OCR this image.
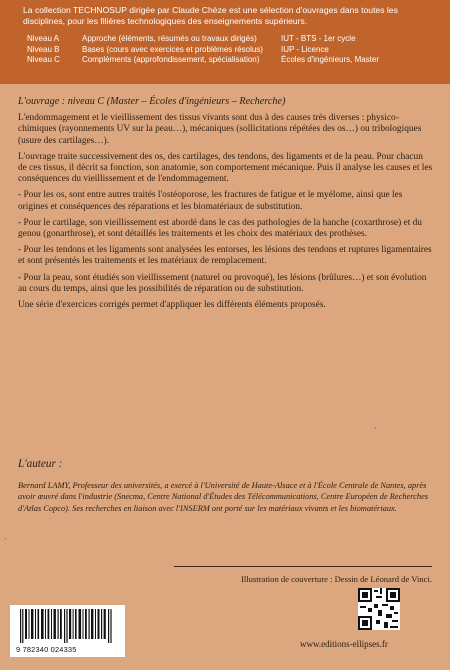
La collection TECHNOSUP dirigée par Claude Chèze est une sélection d'ouvrages dans toutes les disciplines, pour les filières technologiques des enseignements supérieurs.
Niveau A	Approche (éléments, résumés ou travaux dirigés)	IUT - BTS - 1er cycle
Niveau B	Bases (cours avec exercices et problèmes résolus)	IUP - Licence
Niveau C	Compléments (approfondissement, spécialisation)	Écoles d'ingénieurs, Master

L'ouvrage : niveau C (Master – Écoles d'ingénieurs – Recherche)

L'endommagement et le vieillissement des tissus vivants sont dus à des causes très diverses : physico-chimiques (rayonnements UV sur la peau…), mécaniques (sollicitations répétées des os…) ou tribologiques (usure des cartilages…).

L'ouvrage traite successivement des os, des cartilages, des tendons, des ligaments et de la peau. Pour chacun de ces tissus, il décrit sa fonction, son anatomie, son comportement mécanique. Puis il analyse les causes et les conséquences du vieillissement et de l'endommagement.

- Pour les os, sont entre autres traités l'ostéoporose, les fractures de fatigue et le myélome, ainsi que les origines et conséquences des réparations et les biomatériaux de substitution.

- Pour le cartilage, son vieillissement est abordé dans le cas des pathologies de la hanche (coxarthrose) et du genou (gonarthrose), et sont détaillés les traitements et les choix des matériaux des prothèses.

- Pour les tendons et les ligaments sont analysées les entorses, les lésions des tendons et ruptures ligamentaires et sont présentés les traitements et les matériaux de remplacement.

- Pour la peau, sont étudiés son vieillissement (naturel ou provoqué), les lésions (brûlures…) et son évolution au cours du temps, ainsi que les possibilités de réparation ou de substitution.

Une série d'exercices corrigés permet d'appliquer les différents éléments proposés.

ˋ
L'auteur :
Bernard LAMY, Professeur des universités, a exercé à l'Université de Haute-Alsace et à l'École Centrale de Nantes, après avoir œuvré dans l'industrie (Snecma, Centre National d'Études des Télécommunications, Centre Européen de Recherches d'Atlas Copco). Ses recherches en liaison avec l'INSERM ont porté sur les matériaux vivants et les biomatériaux.
ˊ
Illustration de couverture : Dessin de Léonard de Vinci.
9 782340 024335
www.editions-ellipses.fr
